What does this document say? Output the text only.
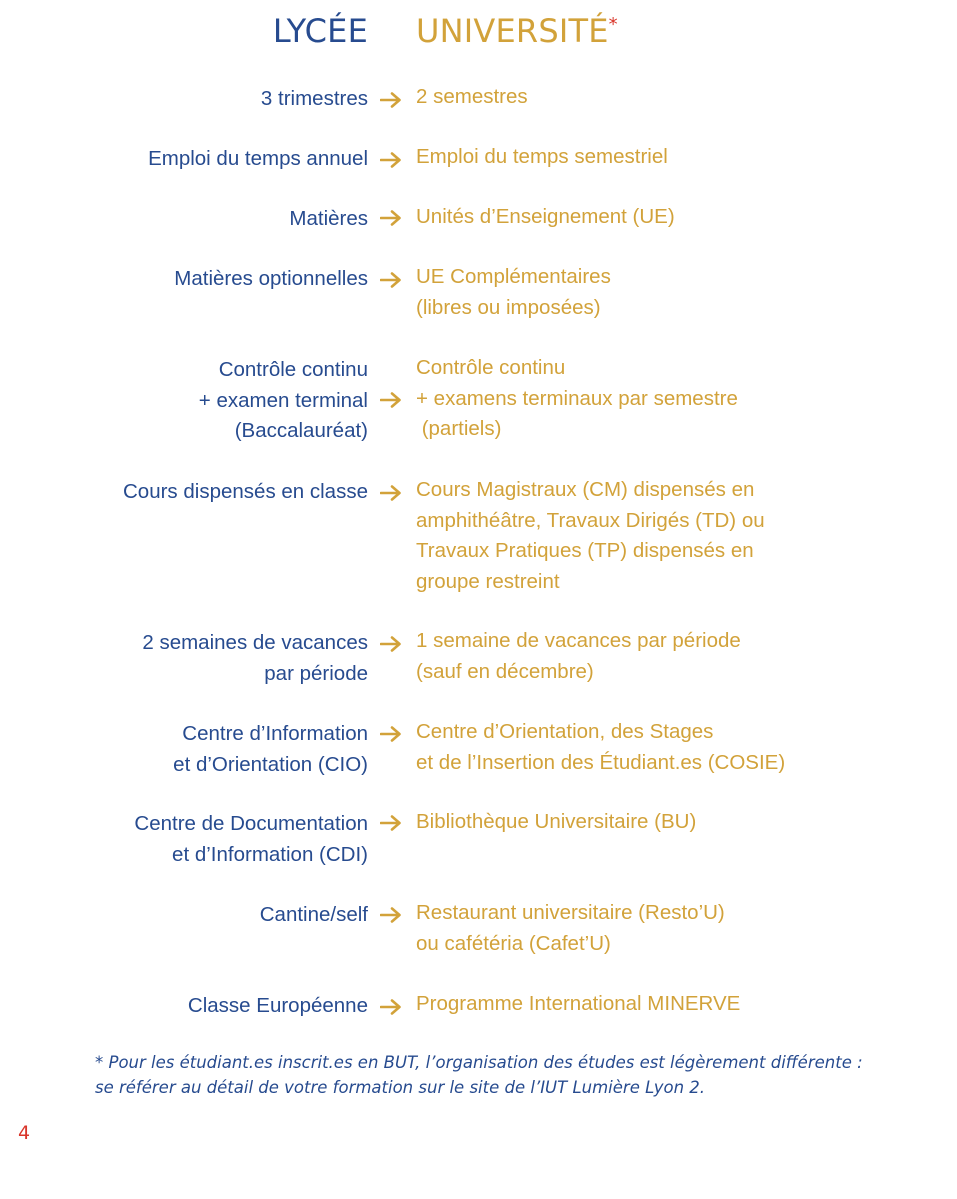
LYCÉE UNIVERSITÉ*
3 trimestres 2 semestres
Emploi du temps annuel Emploi du temps semestriel
Matières Unités d’Enseignement (UE)
Matières optionnelles UE Complémentaires
(libres ou imposées)
Contrôle continu
+ examen terminal
(Baccalauréat)
Contrôle continu
+ examens terminaux par semestre
(partiels)
Cours dispensés en classe Cours Magistraux (CM) dispensés en
amphithéâtre, Travaux Dirigés (TD) ou
Travaux Pratiques (TP) dispensés en
groupe restreint
2 semaines de vacances
par période
1 semaine de vacances par période
(sauf en décembre)
Centre d’Information
et d’Orientation (CIO)
Centre d’Orientation, des Stages
et de l’Insertion des Étudiant.es (COSIE)
Centre de Documentation
et d’Information (CDI)
Bibliothèque Universitaire (BU)
Cantine/self Restaurant universitaire (Resto’U)
ou cafétéria (Cafet’U)
Classe Européenne Programme International MINERVE
* Pour les étudiant.es inscrit.es en BUT, l’organisation des études est légèrement différente :
se référer au détail de votre formation sur le site de l’IUT Lumière Lyon 2.
4
